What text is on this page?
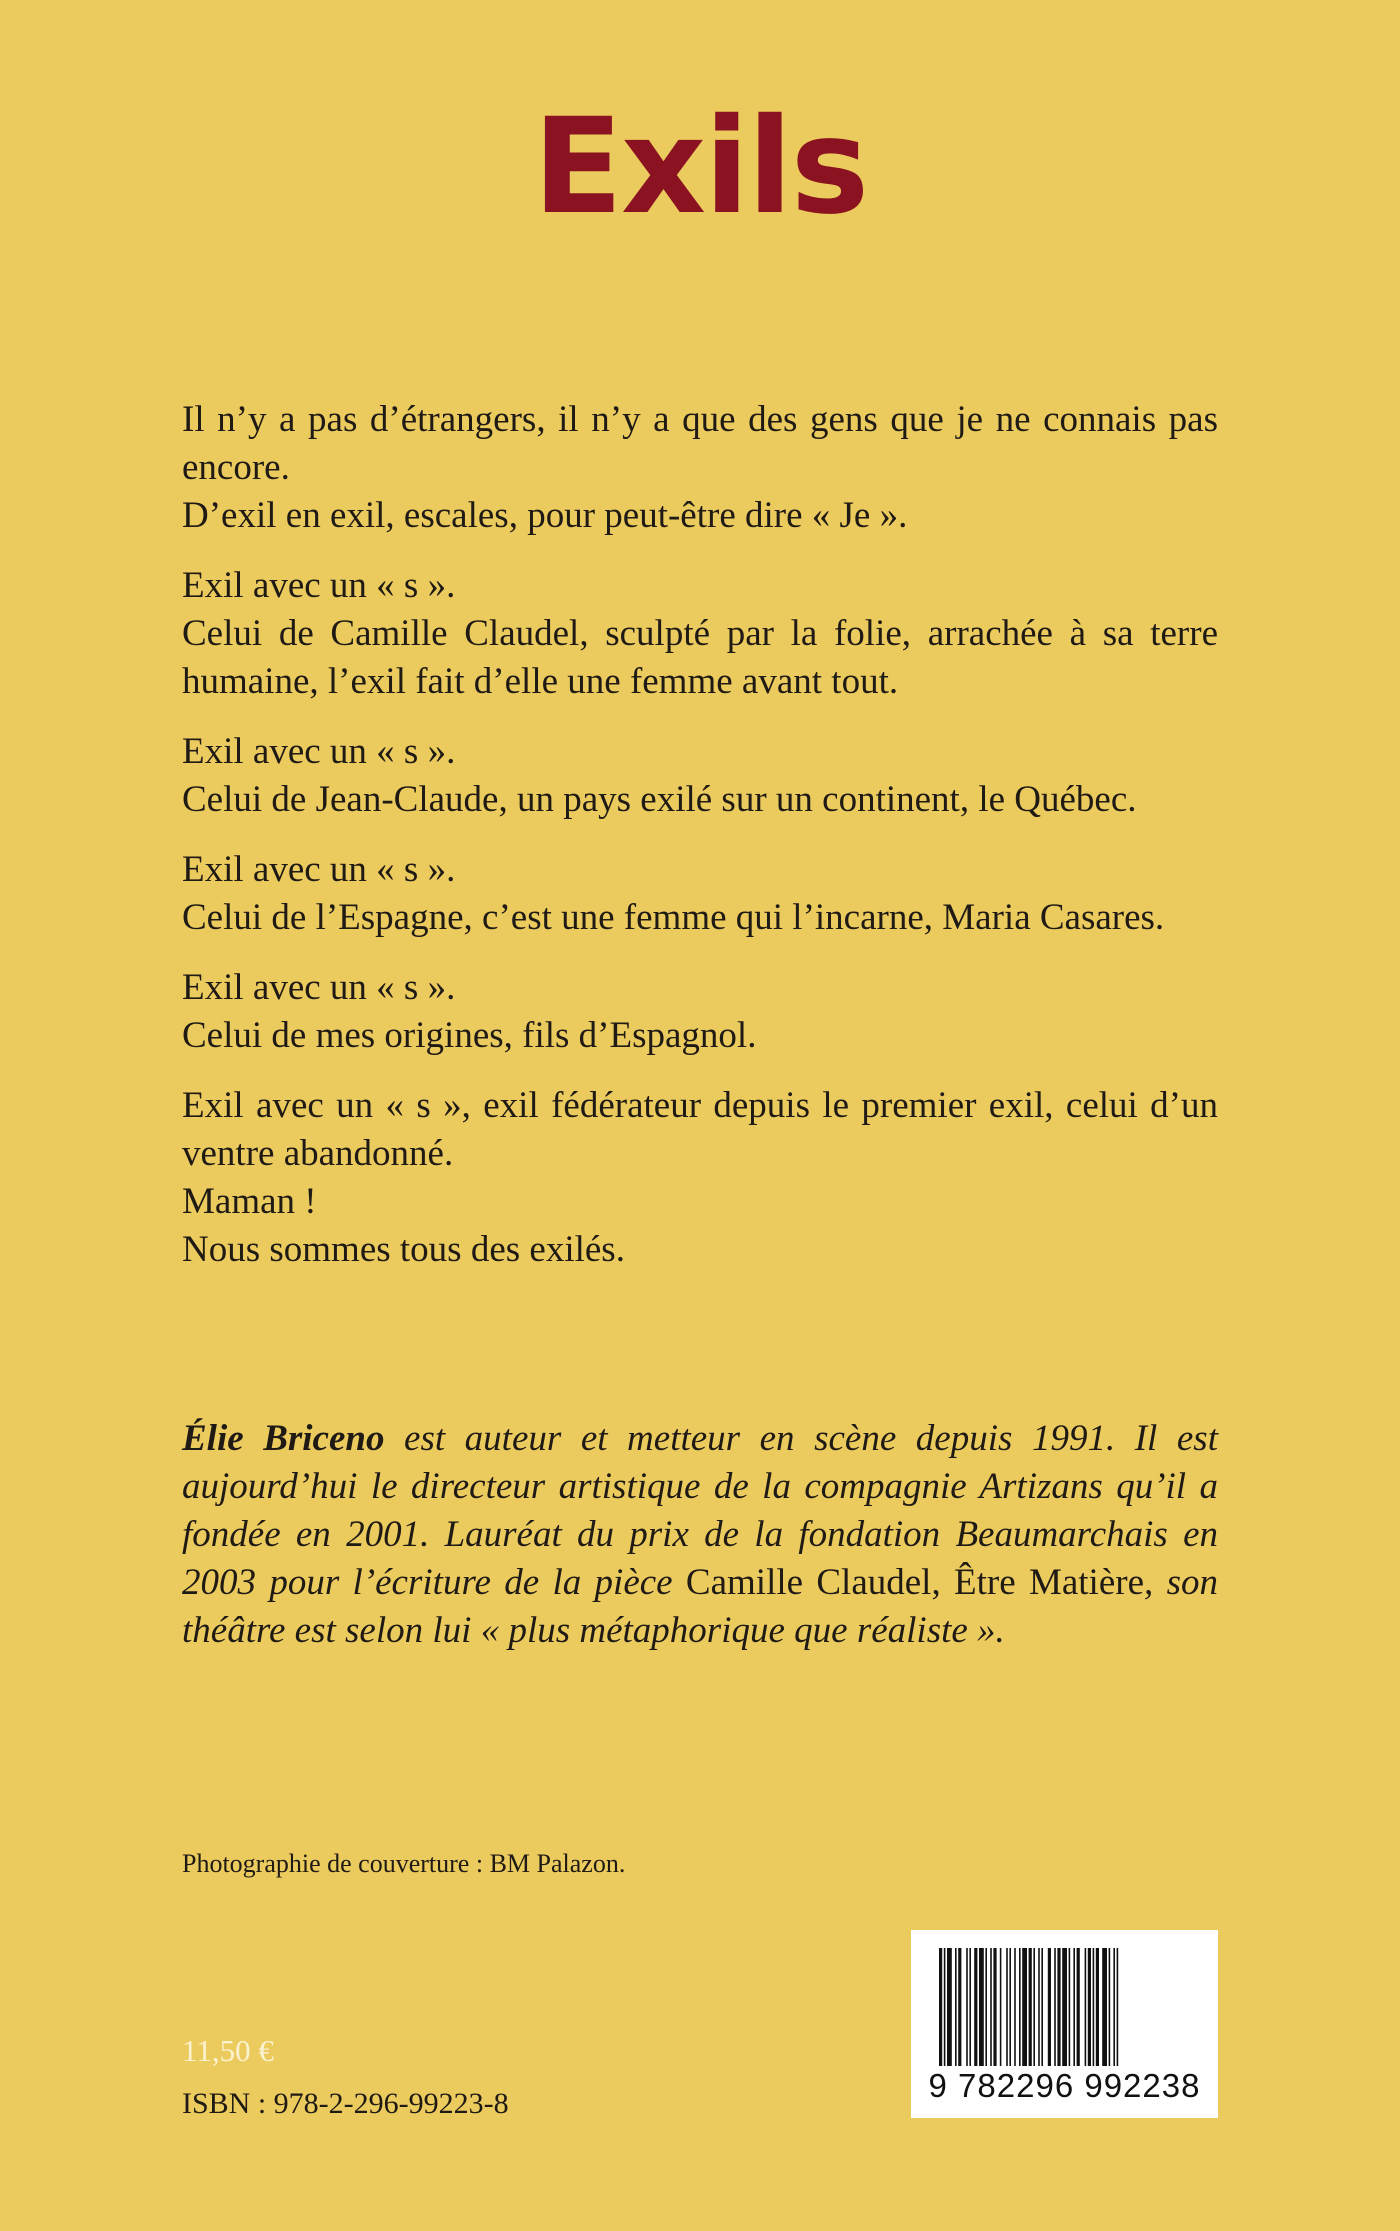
Exils

Il n’y a pas d’étrangers, il n’y a que des gens que je ne connais pas encore.
D’exil en exil, escales, pour peut-être dire « Je ».

Exil avec un « s ».
Celui de Camille Claudel, sculpté par la folie, arrachée à sa terre humaine, l’exil fait d’elle une femme avant tout.

Exil avec un « s ».
Celui de Jean-Claude, un pays exilé sur un continent, le Québec.

Exil avec un « s ».
Celui de l’Espagne, c’est une femme qui l’incarne, Maria Casares.

Exil avec un « s ».
Celui de mes origines, fils d’Espagnol.

Exil avec un « s », exil fédérateur depuis le premier exil, celui d’un ventre abandonné.
Maman !
Nous sommes tous des exilés.

Élie Briceno est auteur et metteur en scène depuis 1991. Il est aujourd’hui le directeur artistique de la compagnie Artizans qu’il a fondée en 2001. Lauréat du prix de la fondation Beaumarchais en 2003 pour l’écriture de la pièce Camille Claudel, Être Matière, son théâtre est selon lui « plus métaphorique que réaliste ».

Photographie de couverture : BM Palazon.

11,50 €

ISBN : 978-2-296-99223-8	9 782296 992238
